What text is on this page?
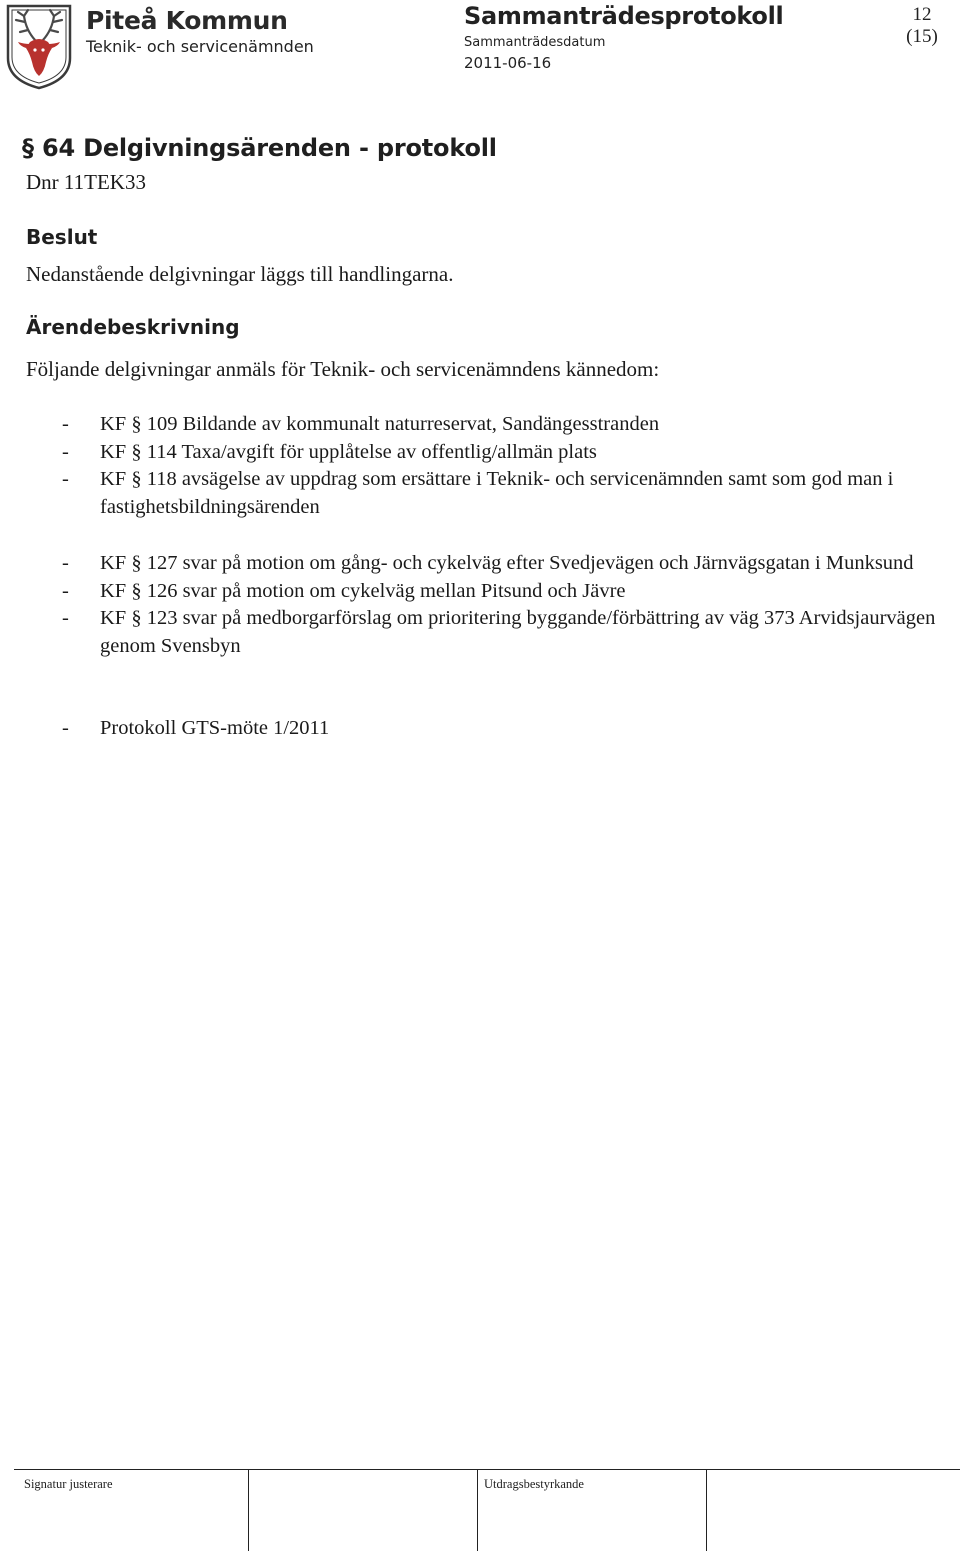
Piteå Kommun
Teknik- och servicenämnden
Sammanträdesprotokoll
Sammanträdesdatum
2011-06-16
12
(15)
§ 64 Delgivningsärenden - protokoll
Dnr 11TEK33
Beslut
Nedanstående delgivningar läggs till handlingarna.
Ärendebeskrivning
Följande delgivningar anmäls för Teknik- och servicenämndens kännedom:
-	KF § 109 Bildande av kommunalt naturreservat, Sandängesstranden
-	KF § 114 Taxa/avgift för upplåtelse av offentlig/allmän plats
-	KF § 118 avsägelse av uppdrag som ersättare i Teknik- och servicenämnden samt som god man i fastighetsbildningsärenden
-	KF § 127 svar på motion om gång- och cykelväg efter Svedjevägen och Järnvägsgatan i Munksund
-	KF § 126 svar på motion om cykelväg mellan Pitsund och Jävre
-	KF § 123 svar på medborgarförslag om prioritering byggande/förbättring av väg 373 Arvidsjaurvägen genom Svensbyn
-	Protokoll GTS-möte 1/2011
Signatur justerare	Utdragsbestyrkande
